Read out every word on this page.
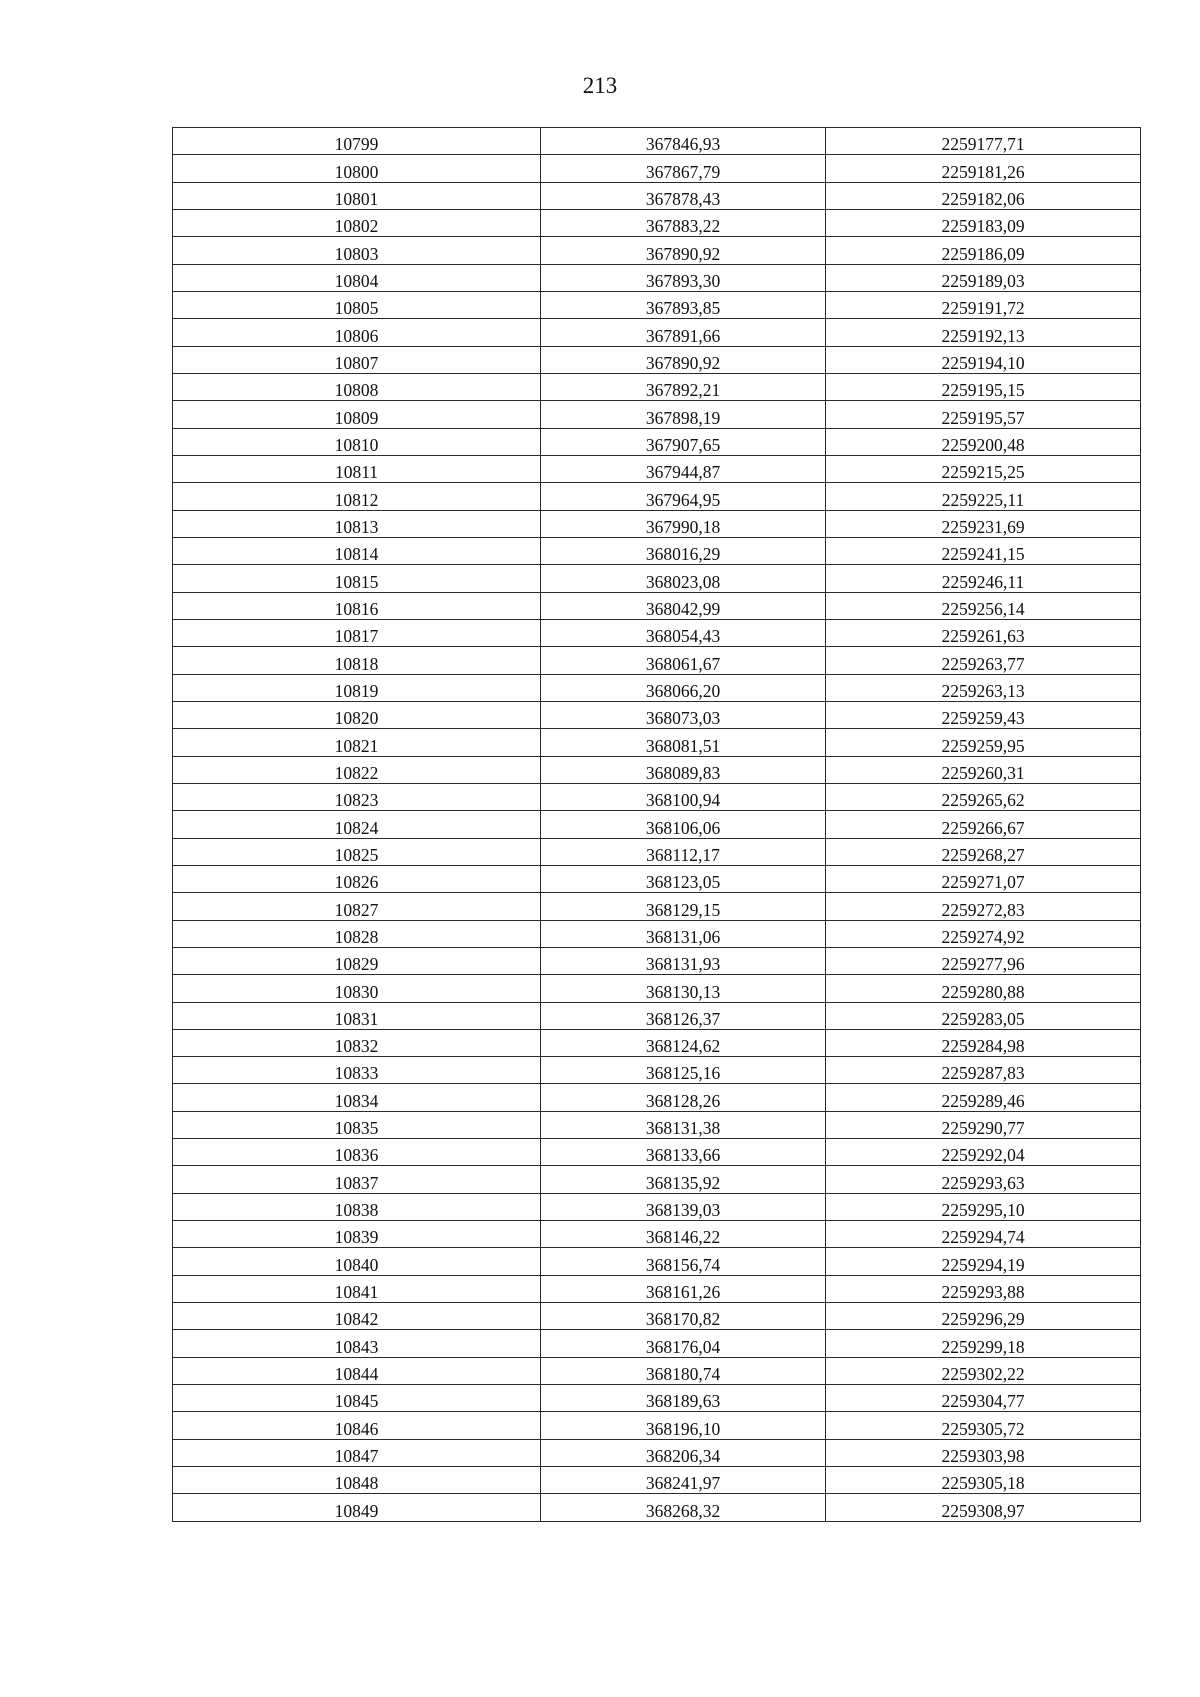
213
10799	367846,93	2259177,71
10800	367867,79	2259181,26
10801	367878,43	2259182,06
10802	367883,22	2259183,09
10803	367890,92	2259186,09
10804	367893,30	2259189,03
10805	367893,85	2259191,72
10806	367891,66	2259192,13
10807	367890,92	2259194,10
10808	367892,21	2259195,15
10809	367898,19	2259195,57
10810	367907,65	2259200,48
10811	367944,87	2259215,25
10812	367964,95	2259225,11
10813	367990,18	2259231,69
10814	368016,29	2259241,15
10815	368023,08	2259246,11
10816	368042,99	2259256,14
10817	368054,43	2259261,63
10818	368061,67	2259263,77
10819	368066,20	2259263,13
10820	368073,03	2259259,43
10821	368081,51	2259259,95
10822	368089,83	2259260,31
10823	368100,94	2259265,62
10824	368106,06	2259266,67
10825	368112,17	2259268,27
10826	368123,05	2259271,07
10827	368129,15	2259272,83
10828	368131,06	2259274,92
10829	368131,93	2259277,96
10830	368130,13	2259280,88
10831	368126,37	2259283,05
10832	368124,62	2259284,98
10833	368125,16	2259287,83
10834	368128,26	2259289,46
10835	368131,38	2259290,77
10836	368133,66	2259292,04
10837	368135,92	2259293,63
10838	368139,03	2259295,10
10839	368146,22	2259294,74
10840	368156,74	2259294,19
10841	368161,26	2259293,88
10842	368170,82	2259296,29
10843	368176,04	2259299,18
10844	368180,74	2259302,22
10845	368189,63	2259304,77
10846	368196,10	2259305,72
10847	368206,34	2259303,98
10848	368241,97	2259305,18
10849	368268,32	2259308,97
